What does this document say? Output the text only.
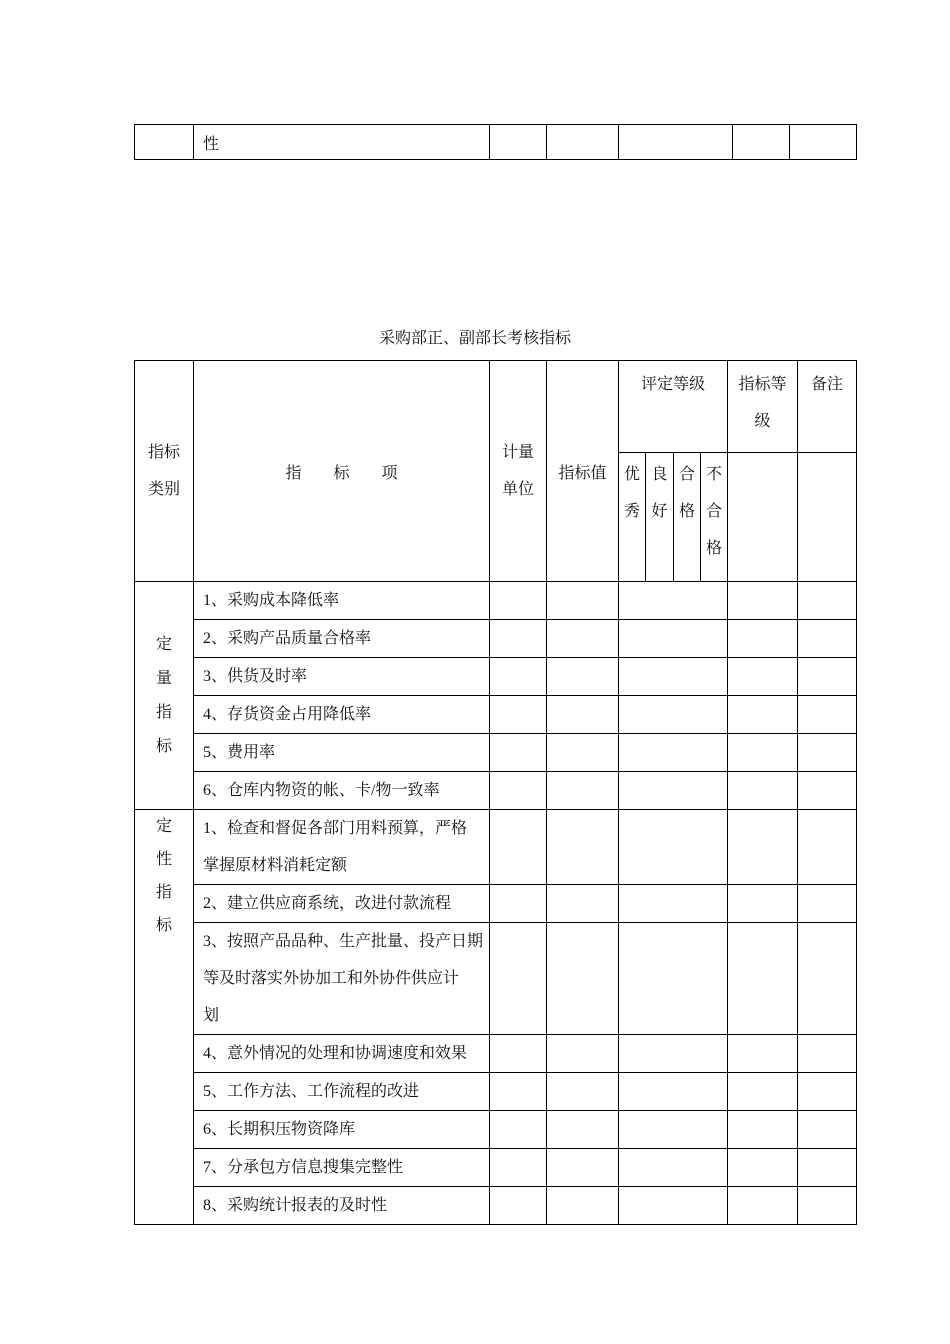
	性					
采购部正、副部长考核指标
指标类别	指　　标　　项	计量单位	指标值	评定等级				指标等级	备注
				优秀	良好	合格	不合格		
定量指标	1、采购成本降低率								

	2、采购产品质量合格率								

	3、供货及时率								

	4、存货资金占用降低率								

	5、费用率								

	6、仓库内物资的帐、卡/物一致率								

定性指标	1、检查和督促各部门用料预算，严格
掌握原材料消耗定额								

	2、建立供应商系统，改进付款流程								

	3、按照产品品种、生产批量、投产日期
等及时落实外协加工和外协件供应计
划								

	4、意外情况的处理和协调速度和效果								

	5、工作方法、工作流程的改进								

	6、长期积压物资降库								

	7、分承包方信息搜集完整性								

	8、采购统计报表的及时性								
